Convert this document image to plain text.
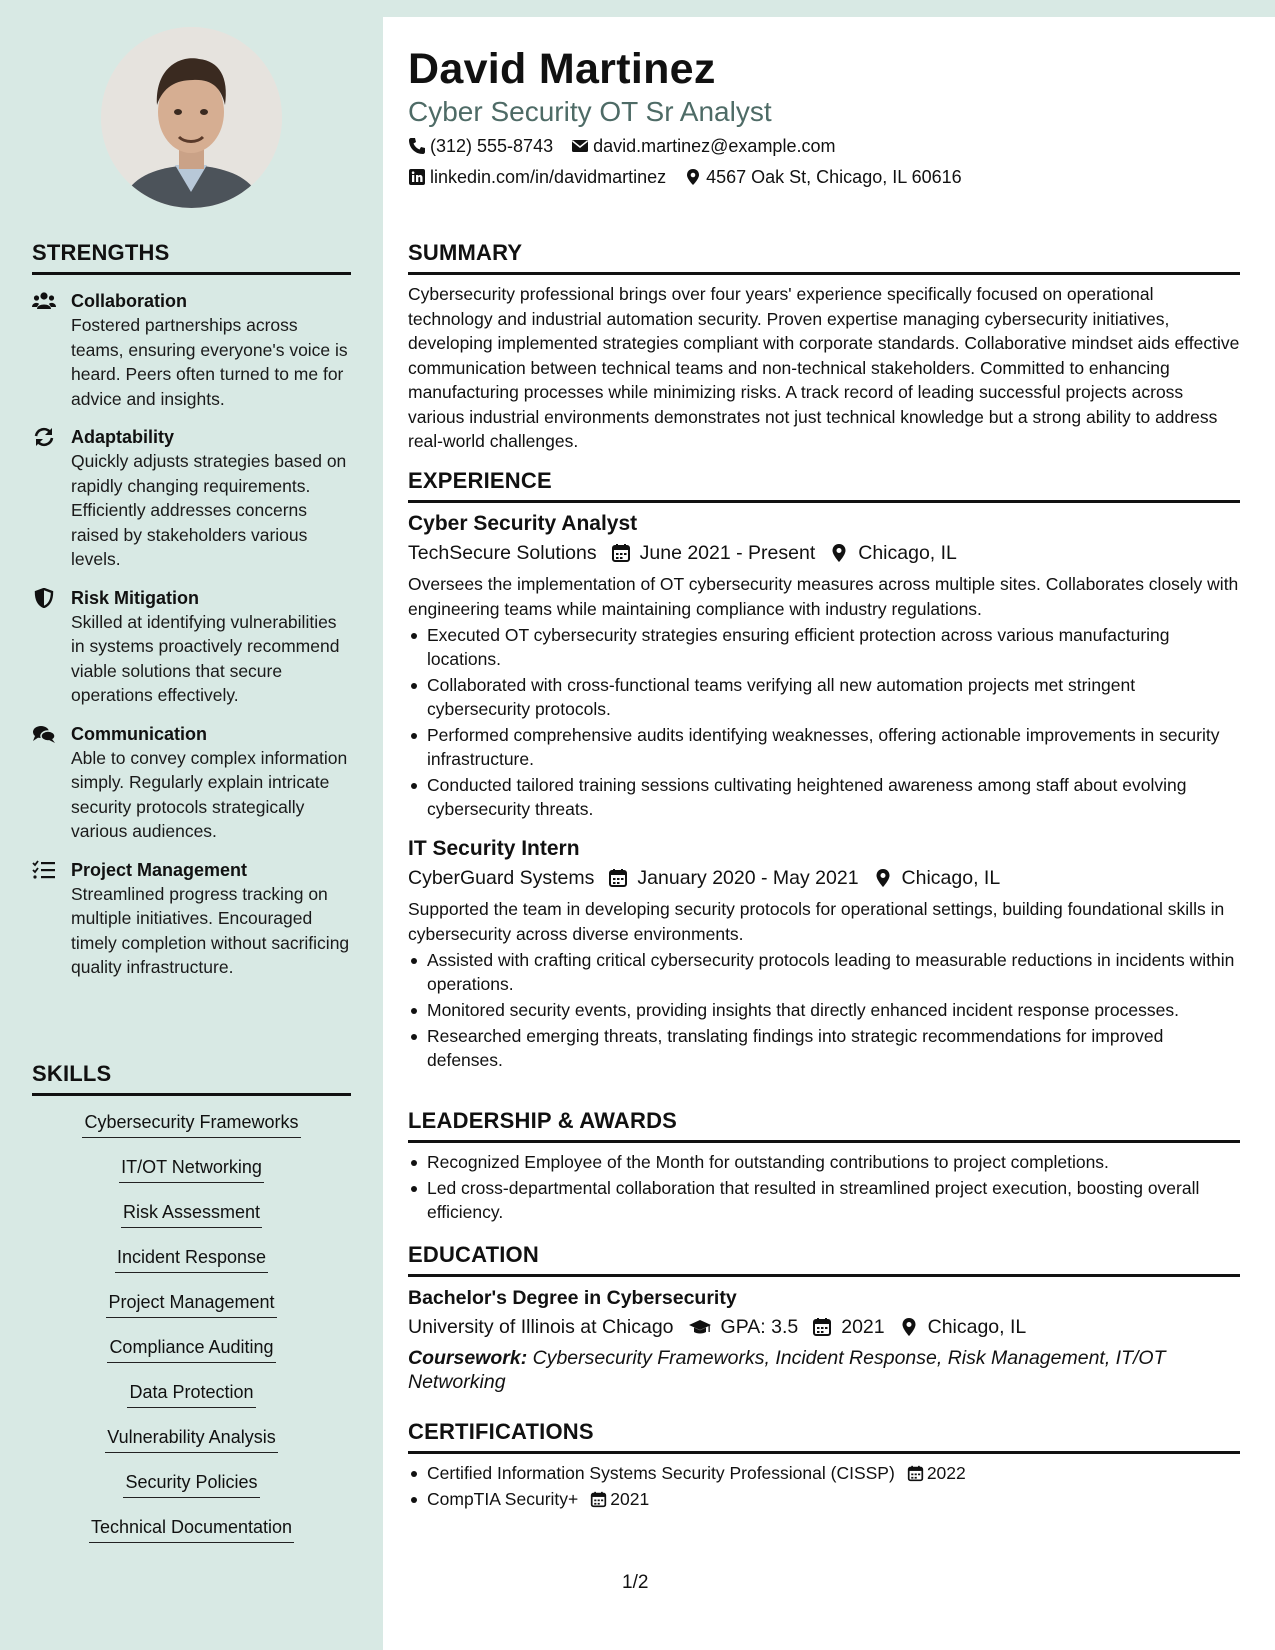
STRENGTHS
Collaboration
Fostered partnerships across teams, ensuring everyone's voice is heard. Peers often turned to me for advice and insights.
Adaptability
Quickly adjusts strategies based on rapidly changing requirements. Efficiently addresses concerns raised by stakeholders various levels.
Risk Mitigation
Skilled at identifying vulnerabilities in systems proactively recommend viable solutions that secure operations effectively.
Communication
Able to convey complex information simply. Regularly explain intricate security protocols strategically various audiences.
Project Management
Streamlined progress tracking on multiple initiatives. Encouraged timely completion without sacrificing quality infrastructure.
SKILLS
Cybersecurity Frameworks
IT/OT Networking
Risk Assessment
Incident Response
Project Management
Compliance Auditing
Data Protection
Vulnerability Analysis
Security Policies
Technical Documentation
David Martinez
Cyber Security OT Sr Analyst
(312) 555-8743 david.martinez@example.com
linkedin.com/in/davidmartinez 4567 Oak St, Chicago, IL 60616
SUMMARY

Cybersecurity professional brings over four years' experience specifically focused on operational technology and industrial automation security. Proven expertise managing cybersecurity initiatives, developing implemented strategies compliant with corporate standards. Collaborative mindset aids effective communication between technical teams and non-technical stakeholders. Committed to enhancing manufacturing processes while minimizing risks. A track record of leading successful projects across various industrial environments demonstrates not just technical knowledge but a strong ability to address real-world challenges.

EXPERIENCE
Cyber Security Analyst
TechSecure Solutions June 2021 - Present Chicago, IL

Oversees the implementation of OT cybersecurity measures across multiple sites. Collaborates closely with engineering teams while maintaining compliance with industry regulations.

Executed OT cybersecurity strategies ensuring efficient protection across various manufacturing locations.
Collaborated with cross-functional teams verifying all new automation projects met stringent cybersecurity protocols.
Performed comprehensive audits identifying weaknesses, offering actionable improvements in security infrastructure.
Conducted tailored training sessions cultivating heightened awareness among staff about evolving cybersecurity threats.
IT Security Intern
CyberGuard Systems January 2020 - May 2021 Chicago, IL

Supported the team in developing security protocols for operational settings, building foundational skills in cybersecurity across diverse environments.

Assisted with crafting critical cybersecurity protocols leading to measurable reductions in incidents within operations.
Monitored security events, providing insights that directly enhanced incident response processes.
Researched emerging threats, translating findings into strategic recommendations for improved defenses.
LEADERSHIP & AWARDS
Recognized Employee of the Month for outstanding contributions to project completions.
Led cross-departmental collaboration that resulted in streamlined project execution, boosting overall efficiency.
EDUCATION
Bachelor's Degree in Cybersecurity
University of Illinois at Chicago GPA: 3.5 2021 Chicago, IL

Coursework: Cybersecurity Frameworks, Incident Response, Risk Management, IT/OT Networking

CERTIFICATIONS
Certified Information Systems Security Professional (CISSP) 2022
CompTIA Security+ 2021
1/2
